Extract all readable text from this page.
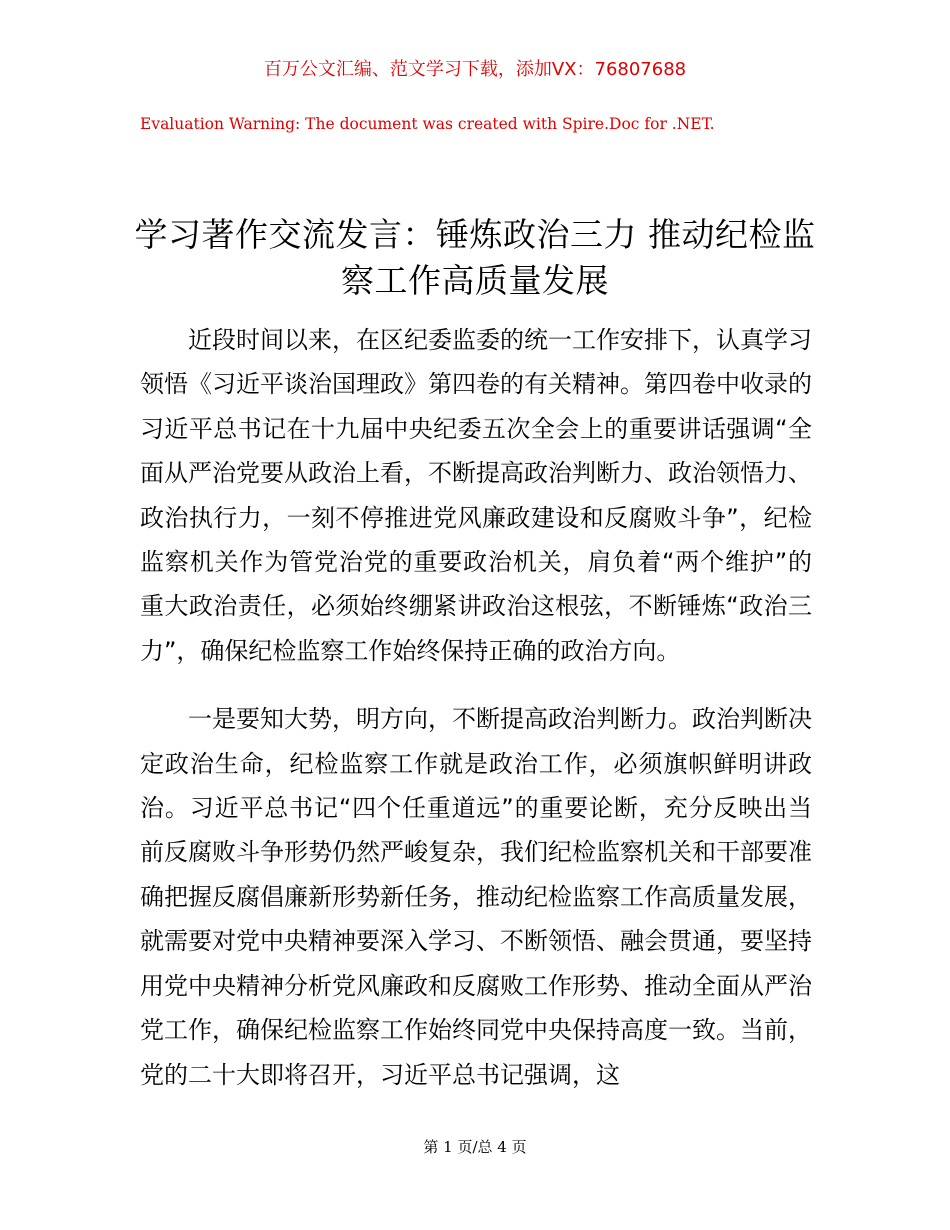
百万公文汇编、范文学习下载，添加VX：76807688
Evaluation Warning: The document was created with Spire.Doc for .NET.
学习著作交流发言：锤炼政治三力 推动纪检监察工作高质量发展

近段时间以来，在区纪委监委的统一工作安排下，认真学习领悟《习近平谈治国理政》第四卷的有关精神。第四卷中收录的习近平总书记在十九届中央纪委五次全会上的重要讲话强调“全面从严治党要从政治上看，不断提高政治判断力、政治领悟力、政治执行力，一刻不停推进党风廉政建设和反腐败斗争”，纪检监察机关作为管党治党的重要政治机关，肩负着“两个维护”的重大政治责任，必须始终绷紧讲政治这根弦，不断锤炼“政治三力”，确保纪检监察工作始终保持正确的政治方向。

一是要知大势，明方向，不断提高政治判断力。政治判断决定政治生命，纪检监察工作就是政治工作，必须旗帜鲜明讲政治。习近平总书记“四个任重道远”的重要论断，充分反映出当前反腐败斗争形势仍然严峻复杂，我们纪检监察机关和干部要准确把握反腐倡廉新形势新任务，推动纪检监察工作高质量发展，就需要对党中央精神要深入学习、不断领悟、融会贯通，要坚持用党中央精神分析党风廉政和反腐败工作形势、推动全面从严治党工作，确保纪检监察工作始终同党中央保持高度一致。当前，党的二十大即将召开，习近平总书记强调，这

第 1 页/总 4 页
